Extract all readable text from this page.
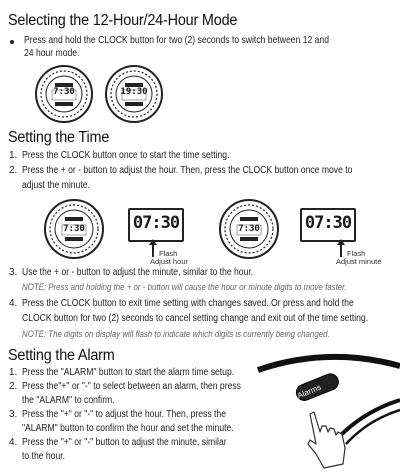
Selecting the 12-Hour/24-Hour Mode
Press and hold the CLOCK button for two (2) seconds to switch between 12 and
24 hour mode.
7:30	19:30
Setting the Time
1. Press the CLOCK button once to start the time setting.
2. Press the + or - button to adjust the hour. Then, press the CLOCK button once move to
adjust the minute.
7:30	07:30
Flash
Adjust hour
7:30	07:30
Flash
Adjust minute
3. Use the + or - button to adjust the minute, similar to the hour.
NOTE: Press and holding the + or - button will cause the hour or minute digits to move faster.
4. Press the CLOCK button to exit time setting with changes saved. Or press and hold the
CLOCK button for two (2) seconds to cancel setting change and exit out of the time setting.
NOTE: The digits on display will flash to indicate which digits is currently being changed.
Setting the Alarm
1. Press the "ALARM" button to start the alarm time setup.
2. Press the"+" or "-" to select between an alarm, then press
the "ALARM" to confirm.
3. Press the "+" or "-" to adjust the hour. Then, press the
"ALARM" button to confirm the hour and set the minute.
4. Press the "+" or "-" button to adjust the minute, similar
to the hour.
Alarms
